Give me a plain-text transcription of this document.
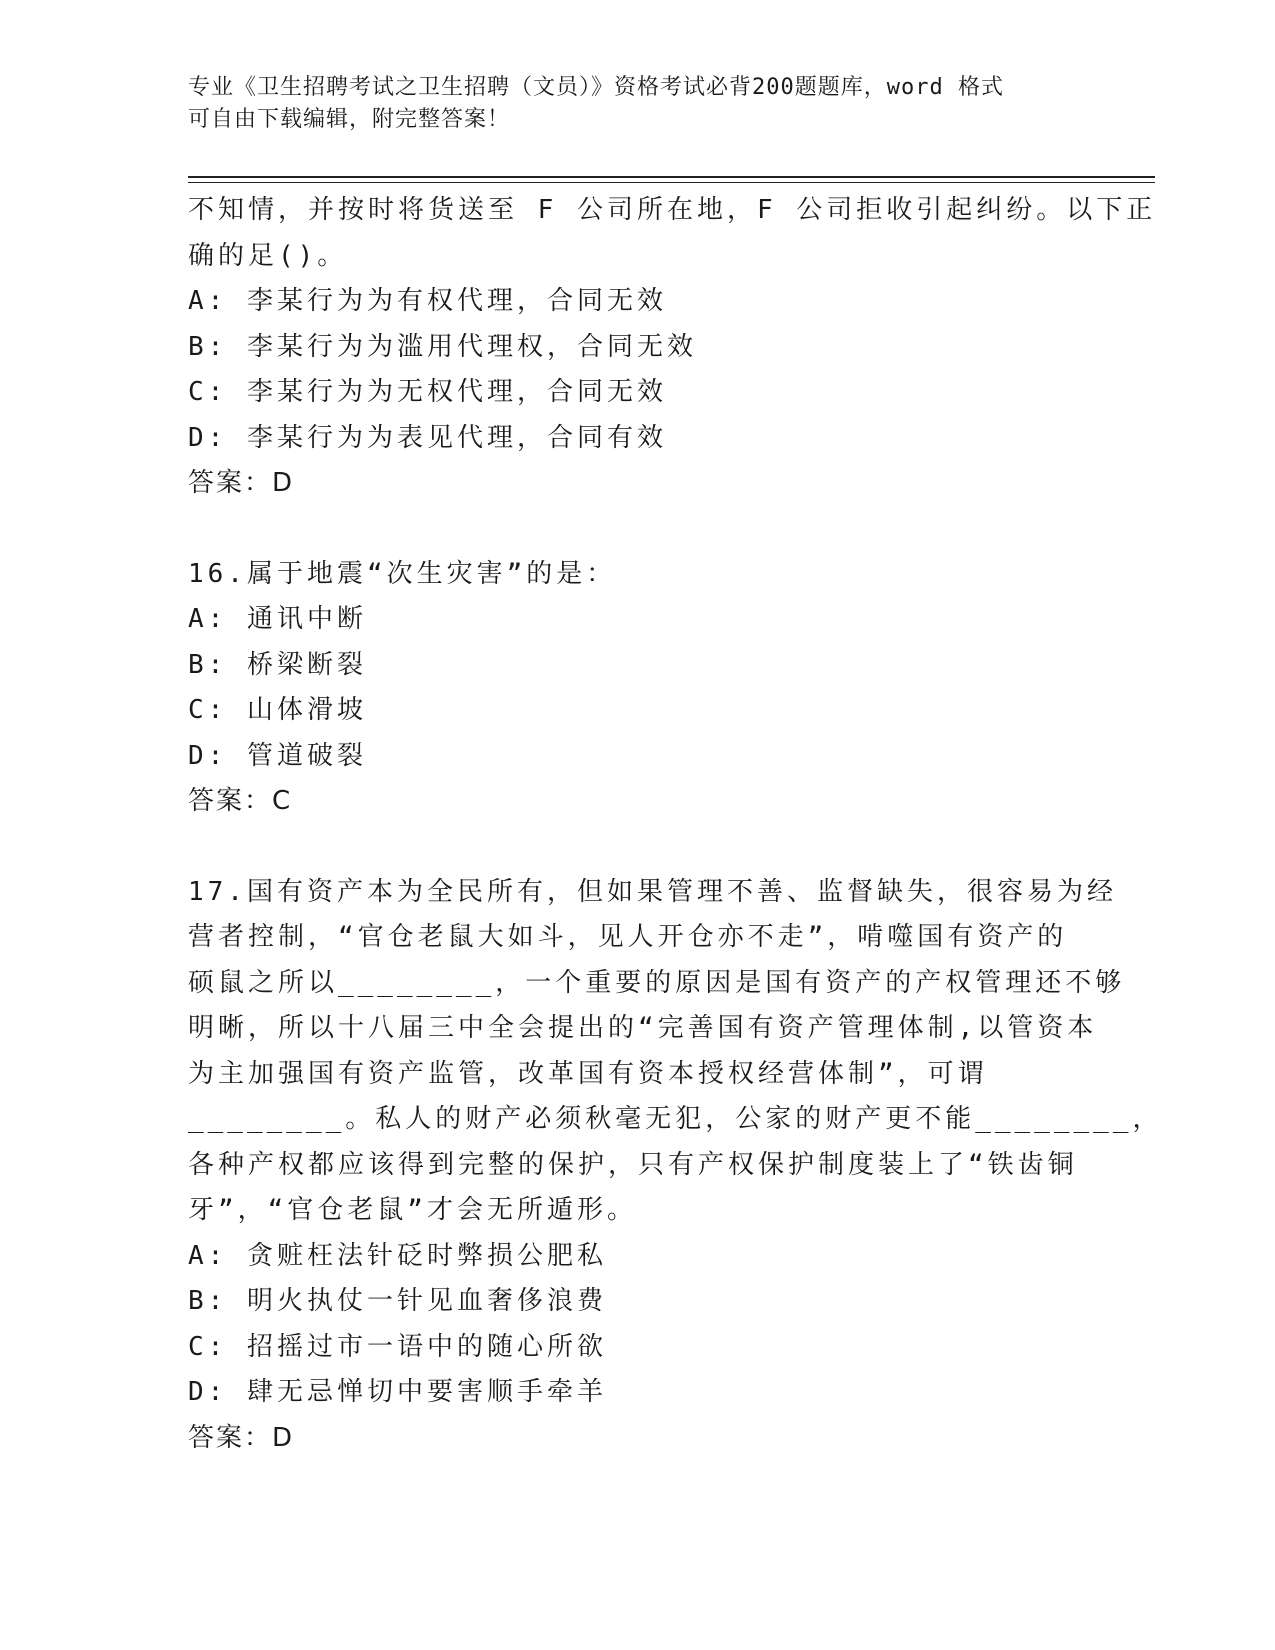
专业《卫生招聘考试之卫生招聘（文员）》资格考试必背200题题库，word 格式
可自由下载编辑，附完整答案！
不知情，并按时将货送至 F 公司所在地，F 公司拒收引起纠纷。以下正
确的足()。
A: 李某行为为有权代理，合同无效
B: 李某行为为滥用代理权，合同无效
C: 李某行为为无权代理，合同无效
D: 李某行为为表见代理，合同有效
答案：D
16.属于地震“次生灾害”的是：
A: 通讯中断
B: 桥梁断裂
C: 山体滑坡
D: 管道破裂
答案：C
17.国有资产本为全民所有，但如果管理不善、监督缺失，很容易为经
营者控制，“官仓老鼠大如斗，见人开仓亦不走”，啃噬国有资产的
硕鼠之所以________，一个重要的原因是国有资产的产权管理还不够
明晰，所以十八届三中全会提出的“完善国有资产管理体制,以管资本
为主加强国有资产监管，改革国有资本授权经营体制”，可谓
________。私人的财产必须秋毫无犯，公家的财产更不能________，
各种产权都应该得到完整的保护，只有产权保护制度装上了“铁齿铜
牙”，“官仓老鼠”才会无所遁形。
A: 贪赃枉法针砭时弊损公肥私
B: 明火执仗一针见血奢侈浪费
C: 招摇过市一语中的随心所欲
D: 肆无忌惮切中要害顺手牵羊
答案：D
